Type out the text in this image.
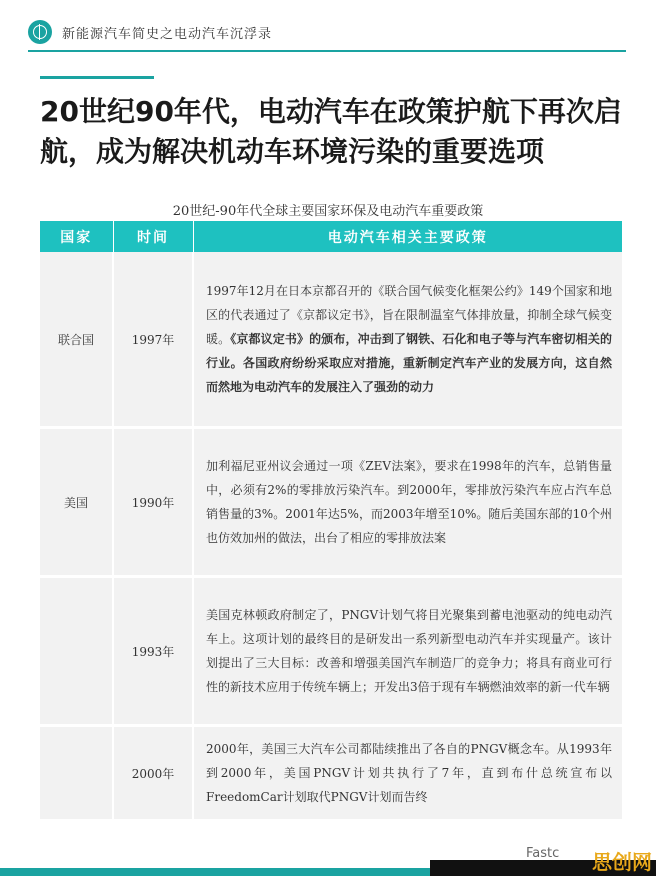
新能源汽车简史之电动汽车沉浮录
20世纪90年代，电动汽车在政策护航下再次启航，成为解决机动车环境污染的重要选项
20世纪-90年代全球主要国家环保及电动汽车重要政策
国家	时间	电动汽车相关主要政策
联合国	1997年	1997年12月在日本京都召开的《联合国气候变化框架公约》149个国家和地区的代表通过了《京都议定书》，旨在限制温室气体排放量，抑制全球气候变暖。《京都议定书》的颁布，冲击到了钢铁、石化和电子等与汽车密切相关的行业。各国政府纷纷采取应对措施，重新制定汽车产业的发展方向，这自然而然地为电动汽车的发展注入了强劲的动力
美国	1990年	加利福尼亚州议会通过一项《ZEV法案》，要求在1998年的汽车，总销售量中，必须有2%的零排放污染汽车。到2000年，零排放污染汽车应占汽车总销售量的3%。2001年达5%，而2003年增至10%。随后美国东部的10个州也仿效加州的做法，出台了相应的零排放法案
	1993年	美国克林顿政府制定了，PNGV计划气将目光聚集到蓄电池驱动的纯电动汽车上。这项计划的最终目的是研发出一系列新型电动汽车并实现量产。该计划提出了三大目标：改善和增强美国汽车制造厂的竞争力；将具有商业可行性的新技术应用于传统车辆上；开发出3倍于现有车辆燃油效率的新一代车辆
	2000年	2000年，美国三大汽车公司都陆续推出了各自的PNGV概念车。从1993年到2000年，美国PNGV计划共执行了7年，直到布什总统宣布以FreedomCar计划取代PNGV计划而告终
Fastc 思创网
